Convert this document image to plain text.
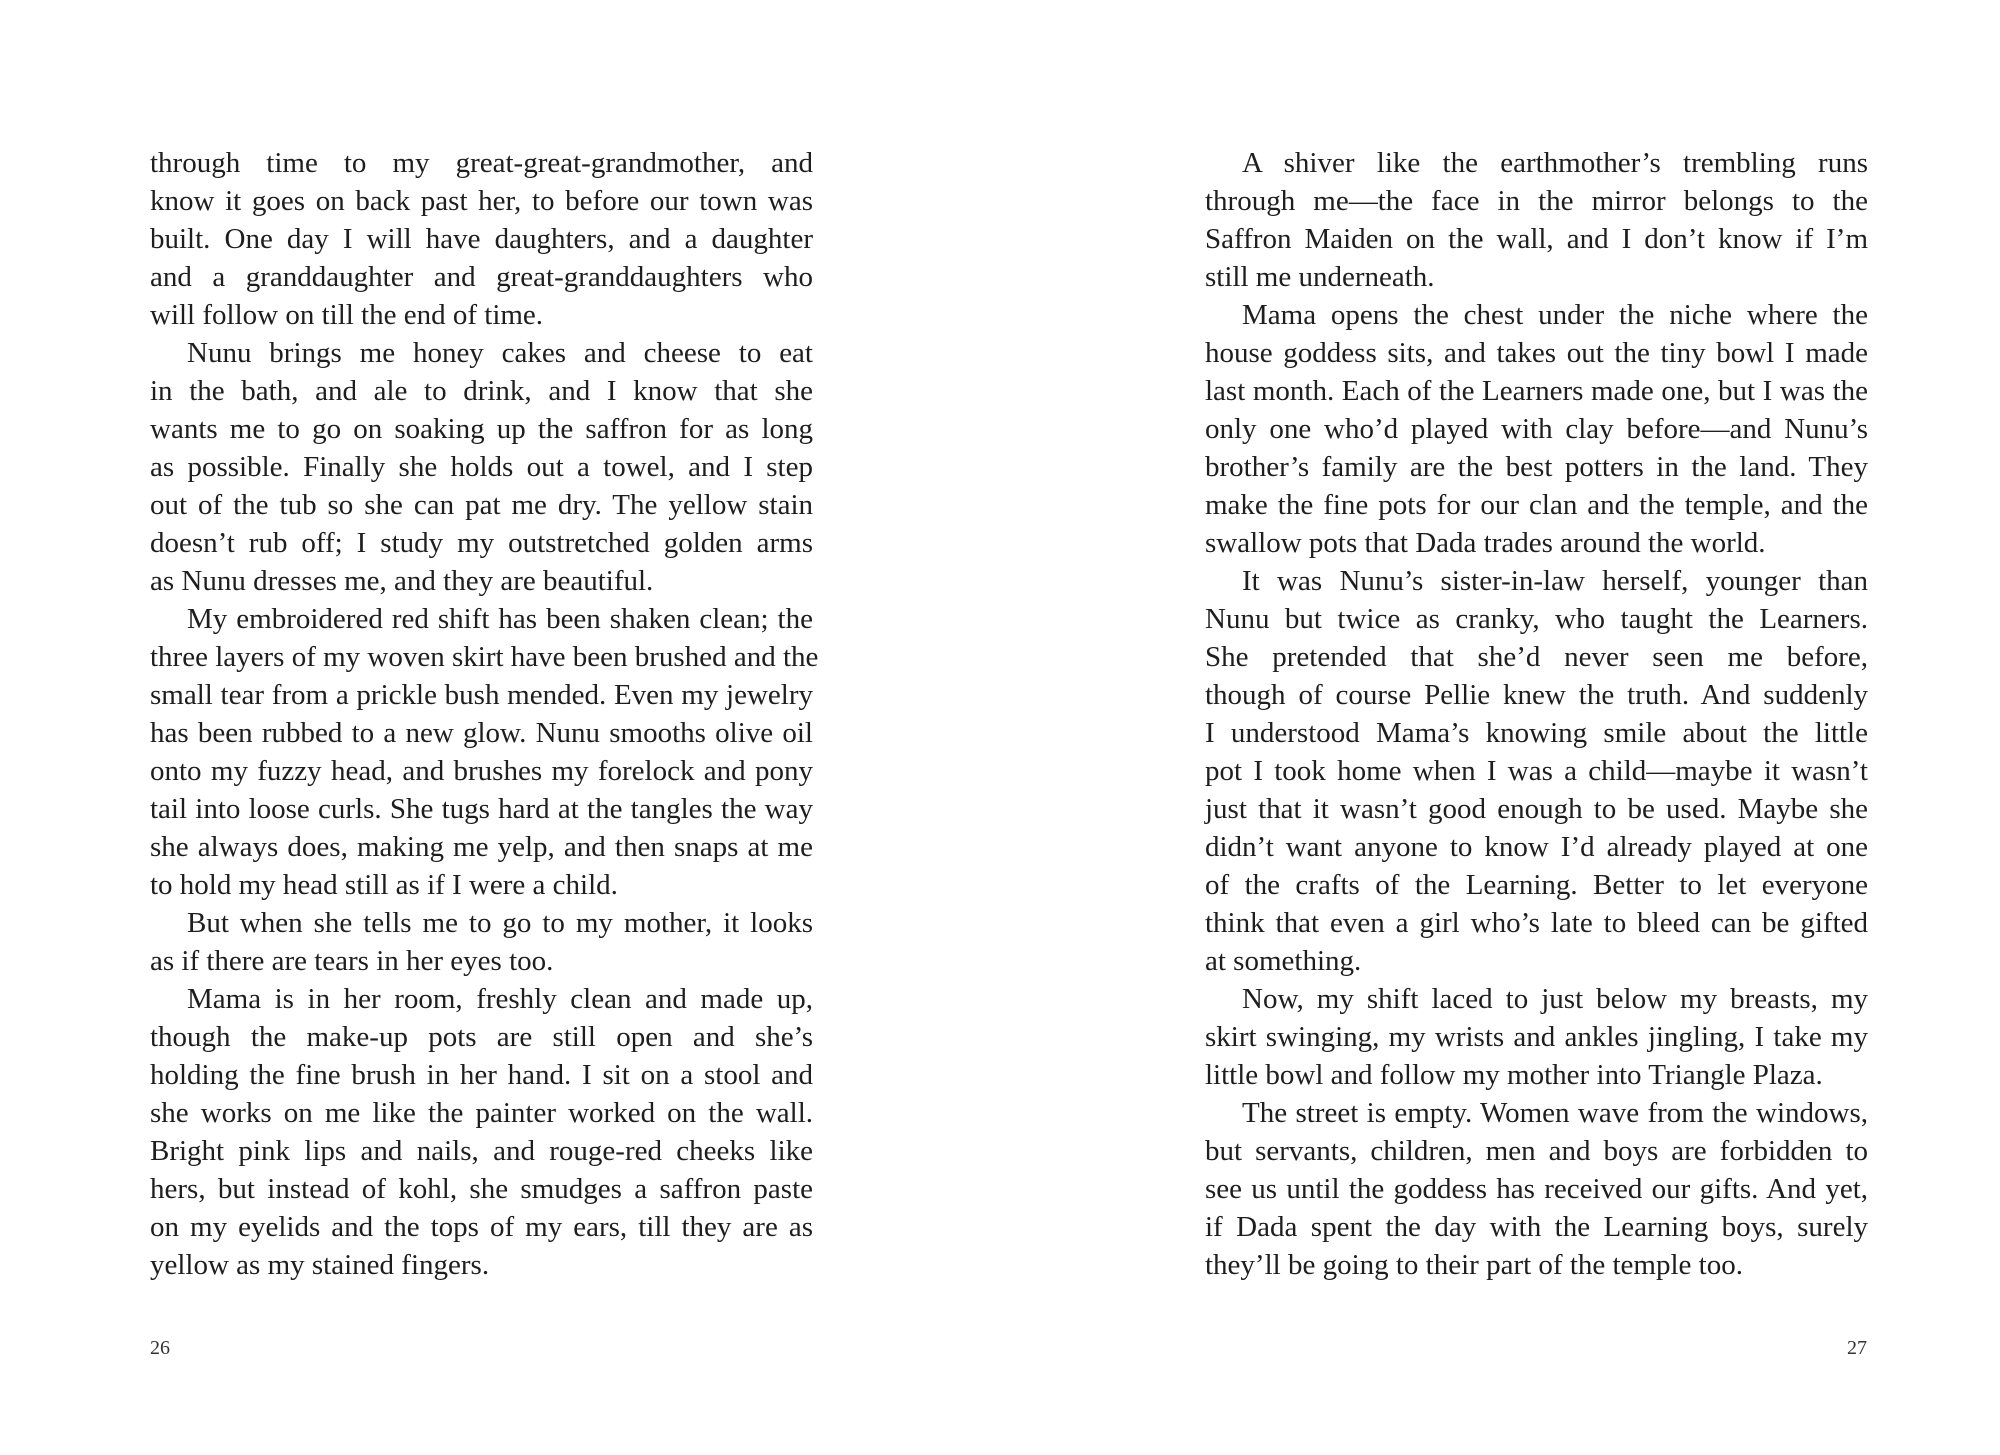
through time to my great-great-grandmother, and
know it goes on back past her, to before our town was
built. One day I will have daughters, and a daughter
and a granddaughter and great-granddaughters who
will follow on till the end of time.
Nunu brings me honey cakes and cheese to eat
in the bath, and ale to drink, and I know that she
wants me to go on soaking up the saffron for as long
as possible. Finally she holds out a towel, and I step
out of the tub so she can pat me dry. The yellow stain
doesn’t rub off; I study my outstretched golden arms
as Nunu dresses me, and they are beautiful.
My embroidered red shift has been shaken clean; the
three layers of my woven skirt have been brushed and the
small tear from a prickle bush mended. Even my jewelry
has been rubbed to a new glow. Nunu smooths olive oil
onto my fuzzy head, and brushes my forelock and pony
tail into loose curls. She tugs hard at the tangles the way
she always does, making me yelp, and then snaps at me
to hold my head still as if I were a child.
But when she tells me to go to my mother, it looks
as if there are tears in her eyes too.
Mama is in her room, freshly clean and made up,
though the make-up pots are still open and she’s
holding the fine brush in her hand. I sit on a stool and
she works on me like the painter worked on the wall.
Bright pink lips and nails, and rouge-red cheeks like
hers, but instead of kohl, she smudges a saffron paste
on my eyelids and the tops of my ears, till they are as
yellow as my stained fingers.
26
A shiver like the earthmother’s trembling runs
through me—the face in the mirror belongs to the
Saffron Maiden on the wall, and I don’t know if I’m
still me underneath.
Mama opens the chest under the niche where the
house goddess sits, and takes out the tiny bowl I made
last month. Each of the Learners made one, but I was the
only one who’d played with clay before—and Nunu’s
brother’s family are the best potters in the land. They
make the fine pots for our clan and the temple, and the
swallow pots that Dada trades around the world.
It was Nunu’s sister-in-law herself, younger than
Nunu but twice as cranky, who taught the Learners.
She pretended that she’d never seen me before,
though of course Pellie knew the truth. And suddenly
I understood Mama’s knowing smile about the little
pot I took home when I was a child—maybe it wasn’t
just that it wasn’t good enough to be used. Maybe she
didn’t want anyone to know I’d already played at one
of the crafts of the Learning. Better to let everyone
think that even a girl who’s late to bleed can be gifted
at something.
Now, my shift laced to just below my breasts, my
skirt swinging, my wrists and ankles jingling, I take my
little bowl and follow my mother into Triangle Plaza.
The street is empty. Women wave from the windows,
but servants, children, men and boys are forbidden to
see us until the goddess has received our gifts. And yet,
if Dada spent the day with the Learning boys, surely
they’ll be going to their part of the temple too.
27
